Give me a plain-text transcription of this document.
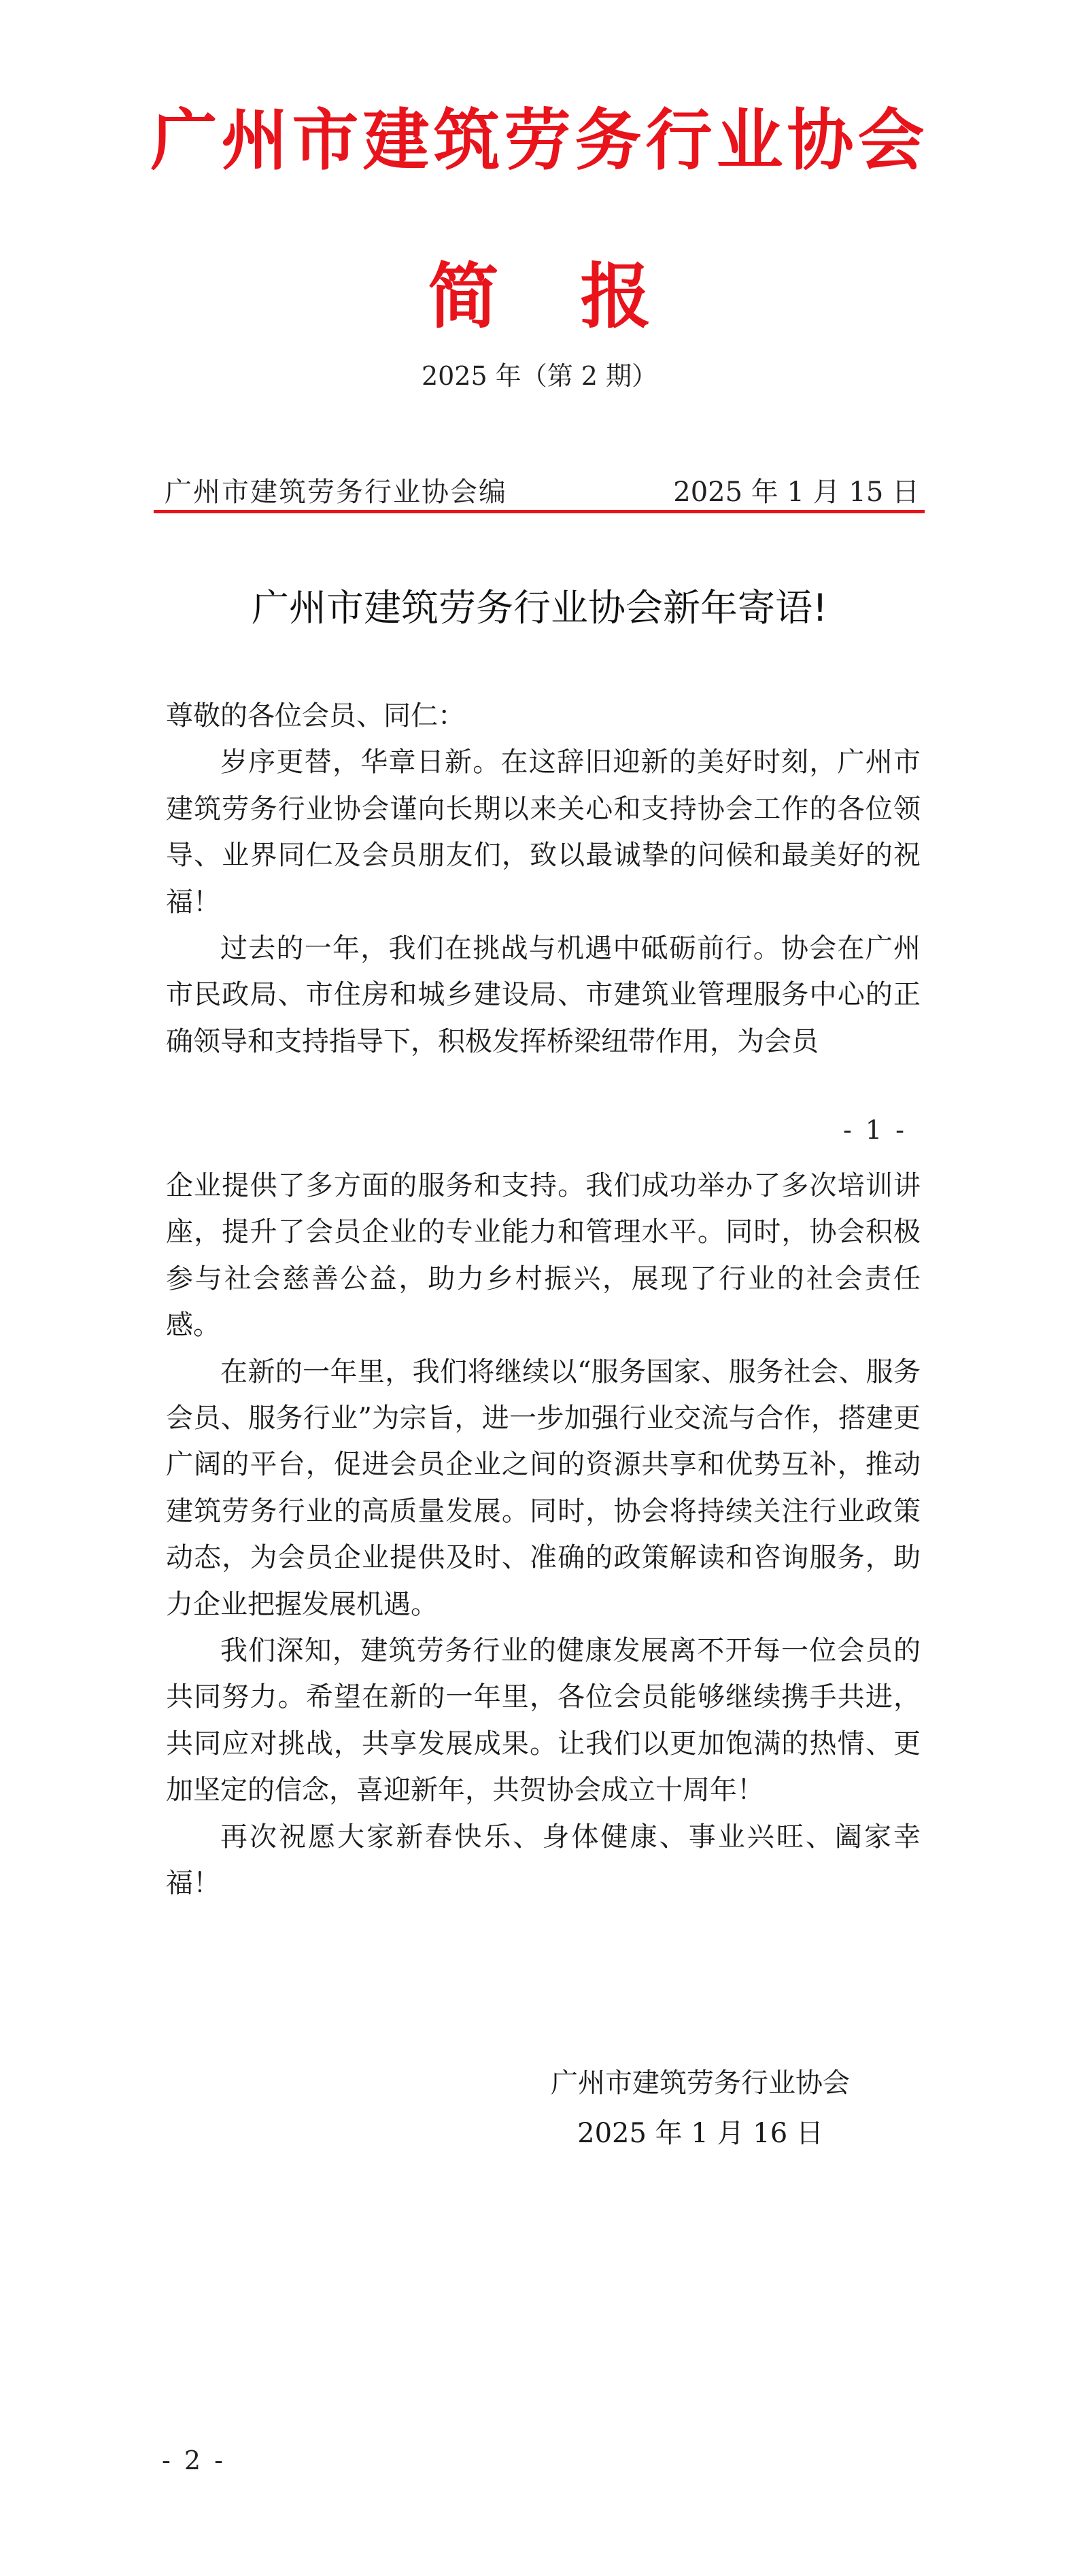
广州市建筑劳务行业协会
简 报
2025 年（第 2 期）
广州市建筑劳务行业协会编	2025 年 1 月 15 日
广州市建筑劳务行业协会新年寄语!

尊敬的各位会员、同仁：

岁序更替，华章日新。在这辞旧迎新的美好时刻，广州市建筑劳务行业协会谨向长期以来关心和支持协会工作的各位领导、业界同仁及会员朋友们，致以最诚挚的问候和最美好的祝福！

过去的一年，我们在挑战与机遇中砥砺前行。协会在广州市民政局、市住房和城乡建设局、市建筑业管理服务中心的正确领导和支持指导下，积极发挥桥梁纽带作用，为会员

- 1 -

企业提供了多方面的服务和支持。我们成功举办了多次培训讲座，提升了会员企业的专业能力和管理水平。同时，协会积极参与社会慈善公益，助力乡村振兴，展现了行业的社会责任感。

在新的一年里，我们将继续以“服务国家、服务社会、服务会员、服务行业”为宗旨，进一步加强行业交流与合作，搭建更广阔的平台，促进会员企业之间的资源共享和优势互补，推动建筑劳务行业的高质量发展。同时，协会将持续关注行业政策动态，为会员企业提供及时、准确的政策解读和咨询服务，助力企业把握发展机遇。

我们深知，建筑劳务行业的健康发展离不开每一位会员的共同努力。希望在新的一年里，各位会员能够继续携手共进，共同应对挑战，共享发展成果。让我们以更加饱满的热情、更加坚定的信念，喜迎新年，共贺协会成立十周年！

再次祝愿大家新春快乐、身体健康、事业兴旺、阖家幸福！

广州市建筑劳务行业协会
2025 年 1 月 16 日
- 2 -
